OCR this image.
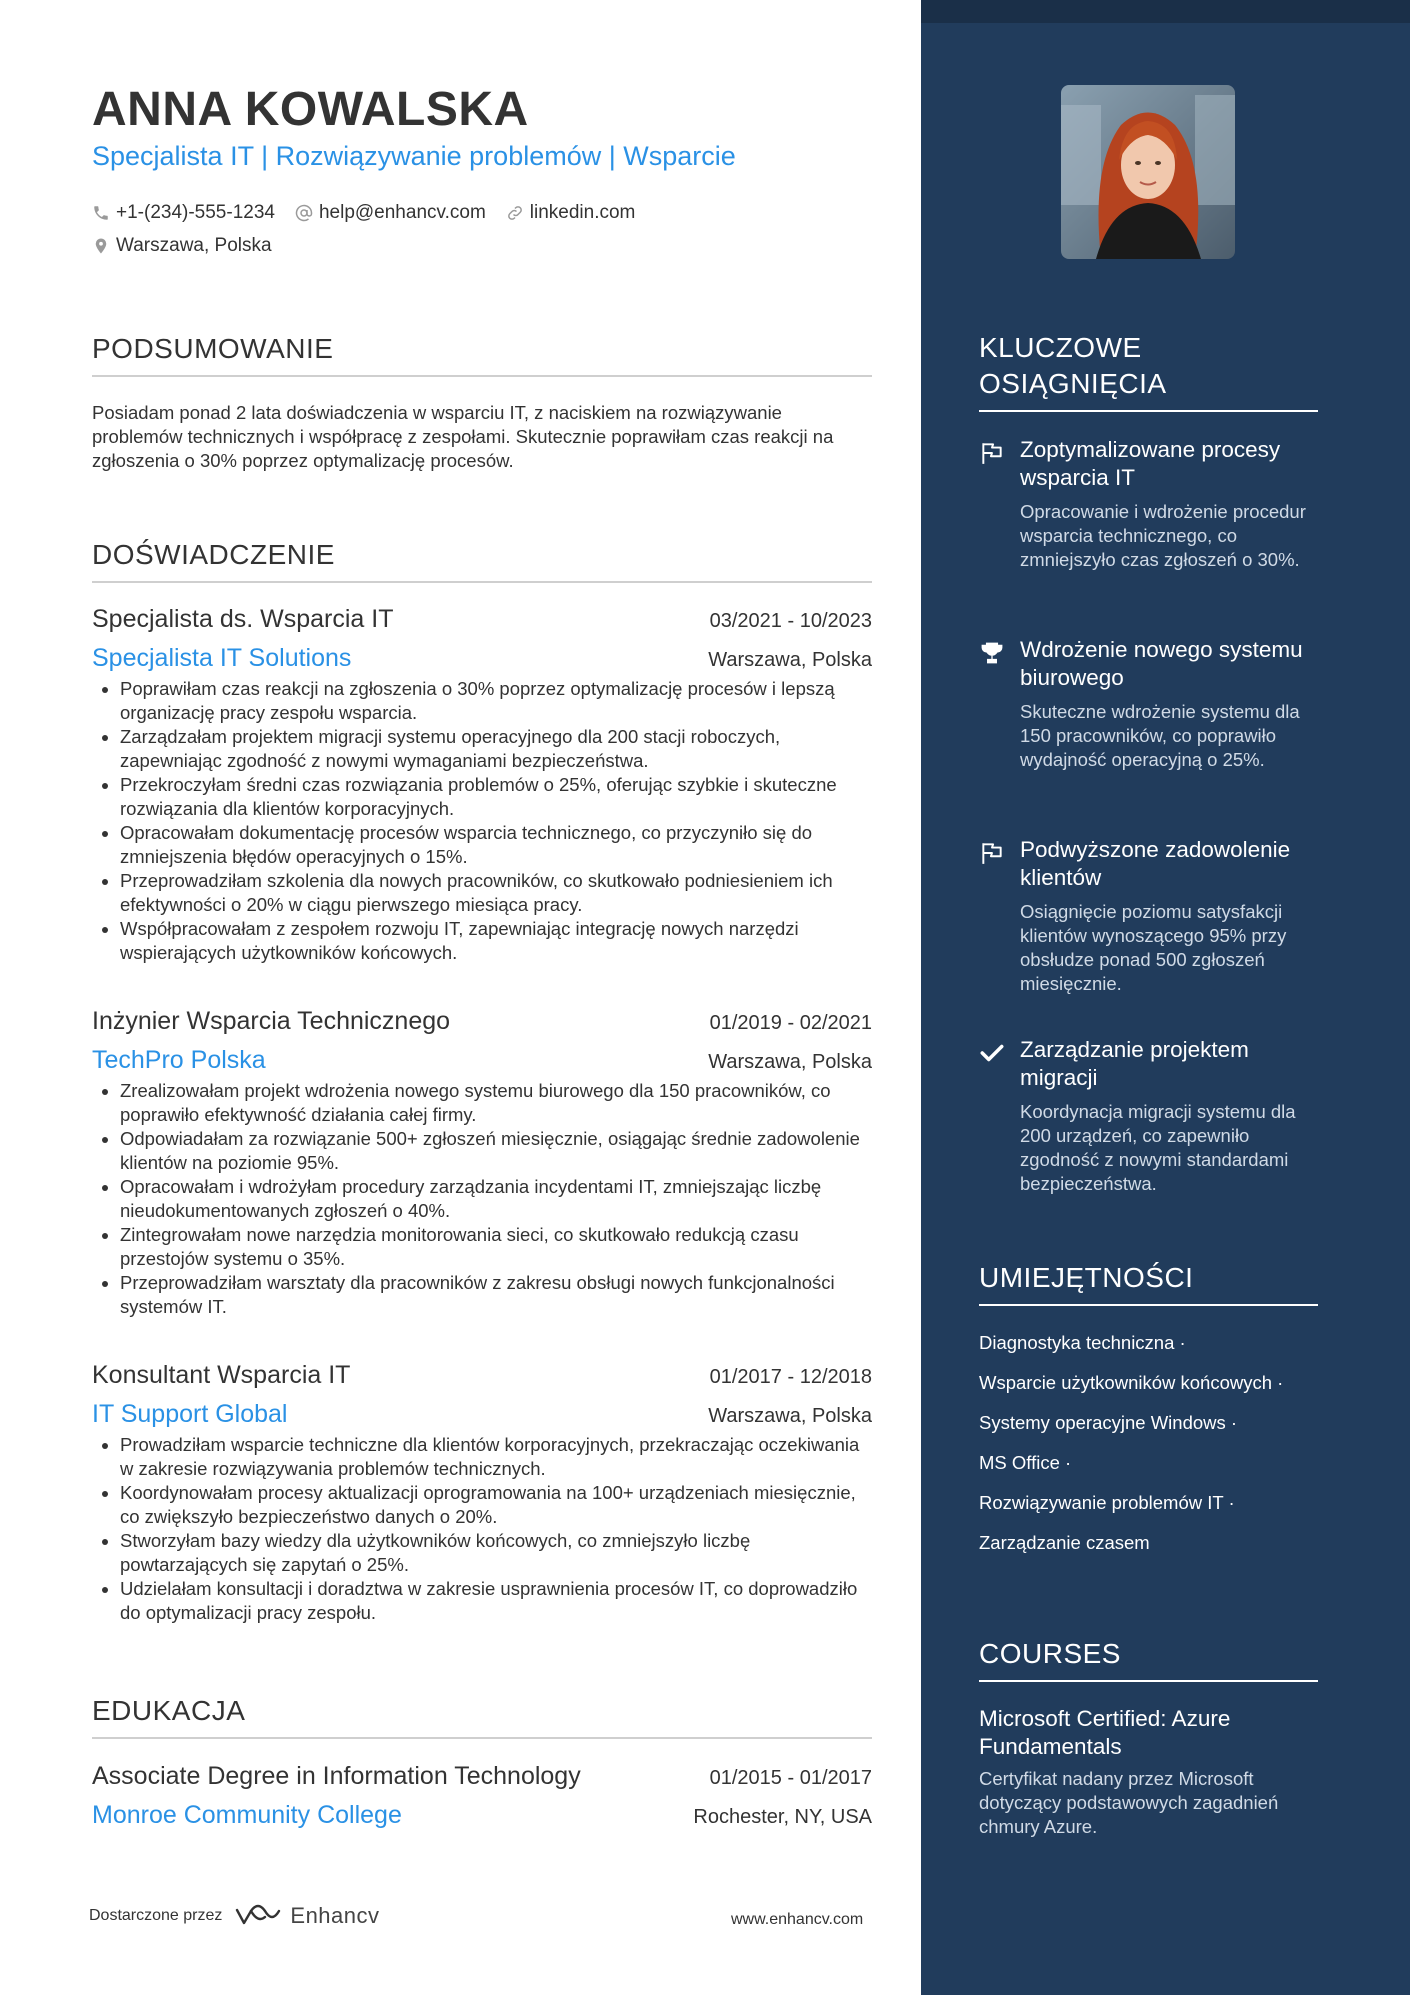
ANNA KOWALSKA
Specjalista IT | Rozwiązywanie problemów | Wsparcie
+1-(234)-555-1234 help@enhancv.com linkedin.com
Warszawa, Polska
PODSUMOWANIE
Posiadam ponad 2 lata doświadczenia w wsparciu IT, z naciskiem na rozwiązywanie problemów technicznych i współpracę z zespołami. Skutecznie poprawiłam czas reakcji na zgłoszenia o 30% poprzez optymalizację procesów.
DOŚWIADCZENIE
Specjalista ds. Wsparcia IT	03/2021 - 10/2023
Specjalista IT Solutions	Warszawa, Polska
• Poprawiłam czas reakcji na zgłoszenia o 30% poprzez optymalizację procesów i lepszą organizację pracy zespołu wsparcia.
• Zarządzałam projektem migracji systemu operacyjnego dla 200 stacji roboczych, zapewniając zgodność z nowymi wymaganiami bezpieczeństwa.
• Przekroczyłam średni czas rozwiązania problemów o 25%, oferując szybkie i skuteczne rozwiązania dla klientów korporacyjnych.
• Opracowałam dokumentację procesów wsparcia technicznego, co przyczyniło się do zmniejszenia błędów operacyjnych o 15%.
• Przeprowadziłam szkolenia dla nowych pracowników, co skutkowało podniesieniem ich efektywności o 20% w ciągu pierwszego miesiąca pracy.
• Współpracowałam z zespołem rozwoju IT, zapewniając integrację nowych narzędzi wspierających użytkowników końcowych.
Inżynier Wsparcia Technicznego	01/2019 - 02/2021
TechPro Polska	Warszawa, Polska
• Zrealizowałam projekt wdrożenia nowego systemu biurowego dla 150 pracowników, co poprawiło efektywność działania całej firmy.
• Odpowiadałam za rozwiązanie 500+ zgłoszeń miesięcznie, osiągając średnie zadowolenie klientów na poziomie 95%.
• Opracowałam i wdrożyłam procedury zarządzania incydentami IT, zmniejszając liczbę nieudokumentowanych zgłoszeń o 40%.
• Zintegrowałam nowe narzędzia monitorowania sieci, co skutkowało redukcją czasu przestojów systemu o 35%.
• Przeprowadziłam warsztaty dla pracowników z zakresu obsługi nowych funkcjonalności systemów IT.
Konsultant Wsparcia IT	01/2017 - 12/2018
IT Support Global	Warszawa, Polska
• Prowadziłam wsparcie techniczne dla klientów korporacyjnych, przekraczając oczekiwania w zakresie rozwiązywania problemów technicznych.
• Koordynowałam procesy aktualizacji oprogramowania na 100+ urządzeniach miesięcznie, co zwiększyło bezpieczeństwo danych o 20%.
• Stworzyłam bazy wiedzy dla użytkowników końcowych, co zmniejszyło liczbę powtarzających się zapytań o 25%.
• Udzielałam konsultacji i doradztwa w zakresie usprawnienia procesów IT, co doprowadziło do optymalizacji pracy zespołu.
EDUKACJA
Associate Degree in Information Technology	01/2015 - 01/2017
Monroe Community College	Rochester, NY, USA
Dostarczone przez	Enhancv	www.enhancv.com
KLUCZOWE
OSIĄGNIĘCIA
Zoptymalizowane procesy wsparcia IT
Opracowanie i wdrożenie procedur wsparcia technicznego, co zmniejszyło czas zgłoszeń o 30%.
Wdrożenie nowego systemu biurowego
Skuteczne wdrożenie systemu dla 150 pracowników, co poprawiło wydajność operacyjną o 25%.
Podwyższone zadowolenie klientów
Osiągnięcie poziomu satysfakcji klientów wynoszącego 95% przy obsłudze ponad 500 zgłoszeń miesięcznie.
Zarządzanie projektem migracji
Koordynacja migracji systemu dla 200 urządzeń, co zapewniło zgodność z nowymi standardami bezpieczeństwa.
UMIEJĘTNOŚCI
Diagnostyka techniczna ·
Wsparcie użytkowników końcowych ·
Systemy operacyjne Windows ·
MS Office ·
Rozwiązywanie problemów IT ·
Zarządzanie czasem
COURSES
Microsoft Certified: Azure Fundamentals
Certyfikat nadany przez Microsoft dotyczący podstawowych zagadnień chmury Azure.
